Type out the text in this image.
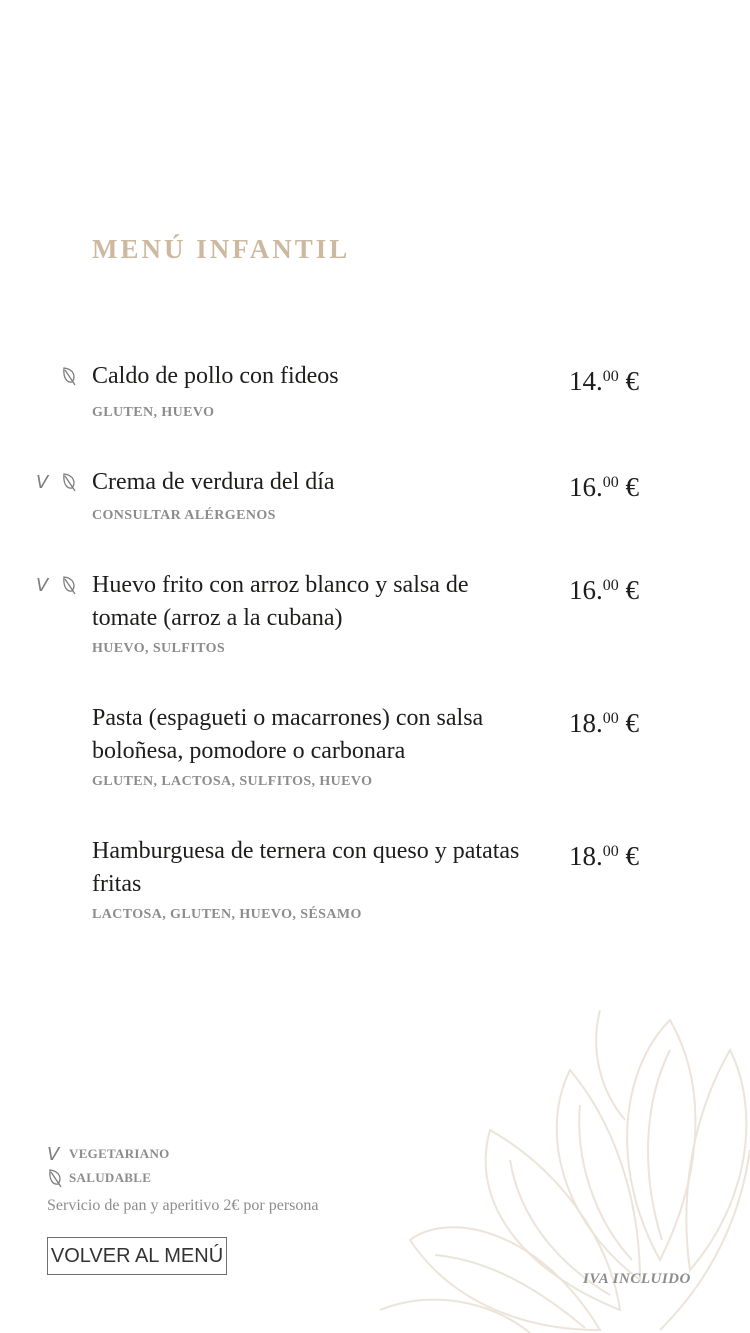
MENÚ INFANTIL

Caldo de pollo con fideos

GLUTEN, HUEVO

14.00 €

V Crema de verdura del día

CONSULTAR ALÉRGENOS

16.00 €

V Huevo frito con arroz blanco y salsa de tomate (arroz a la cubana)

HUEVO, SULFITOS

16.00 €

Pasta (espagueti o macarrones) con salsa boloñesa, pomodore o carbonara

GLUTEN, LACTOSA, SULFITOS, HUEVO

18.00 €

Hamburguesa de ternera con queso y patatas fritas

LACTOSA, GLUTEN, HUEVO, SÉSAMO

18.00 €

V VEGETARIANO
SALUDABLE

Servicio de pan y aperitivo 2€ por persona

VOLVER AL MENÚ

IVA INCLUIDO
